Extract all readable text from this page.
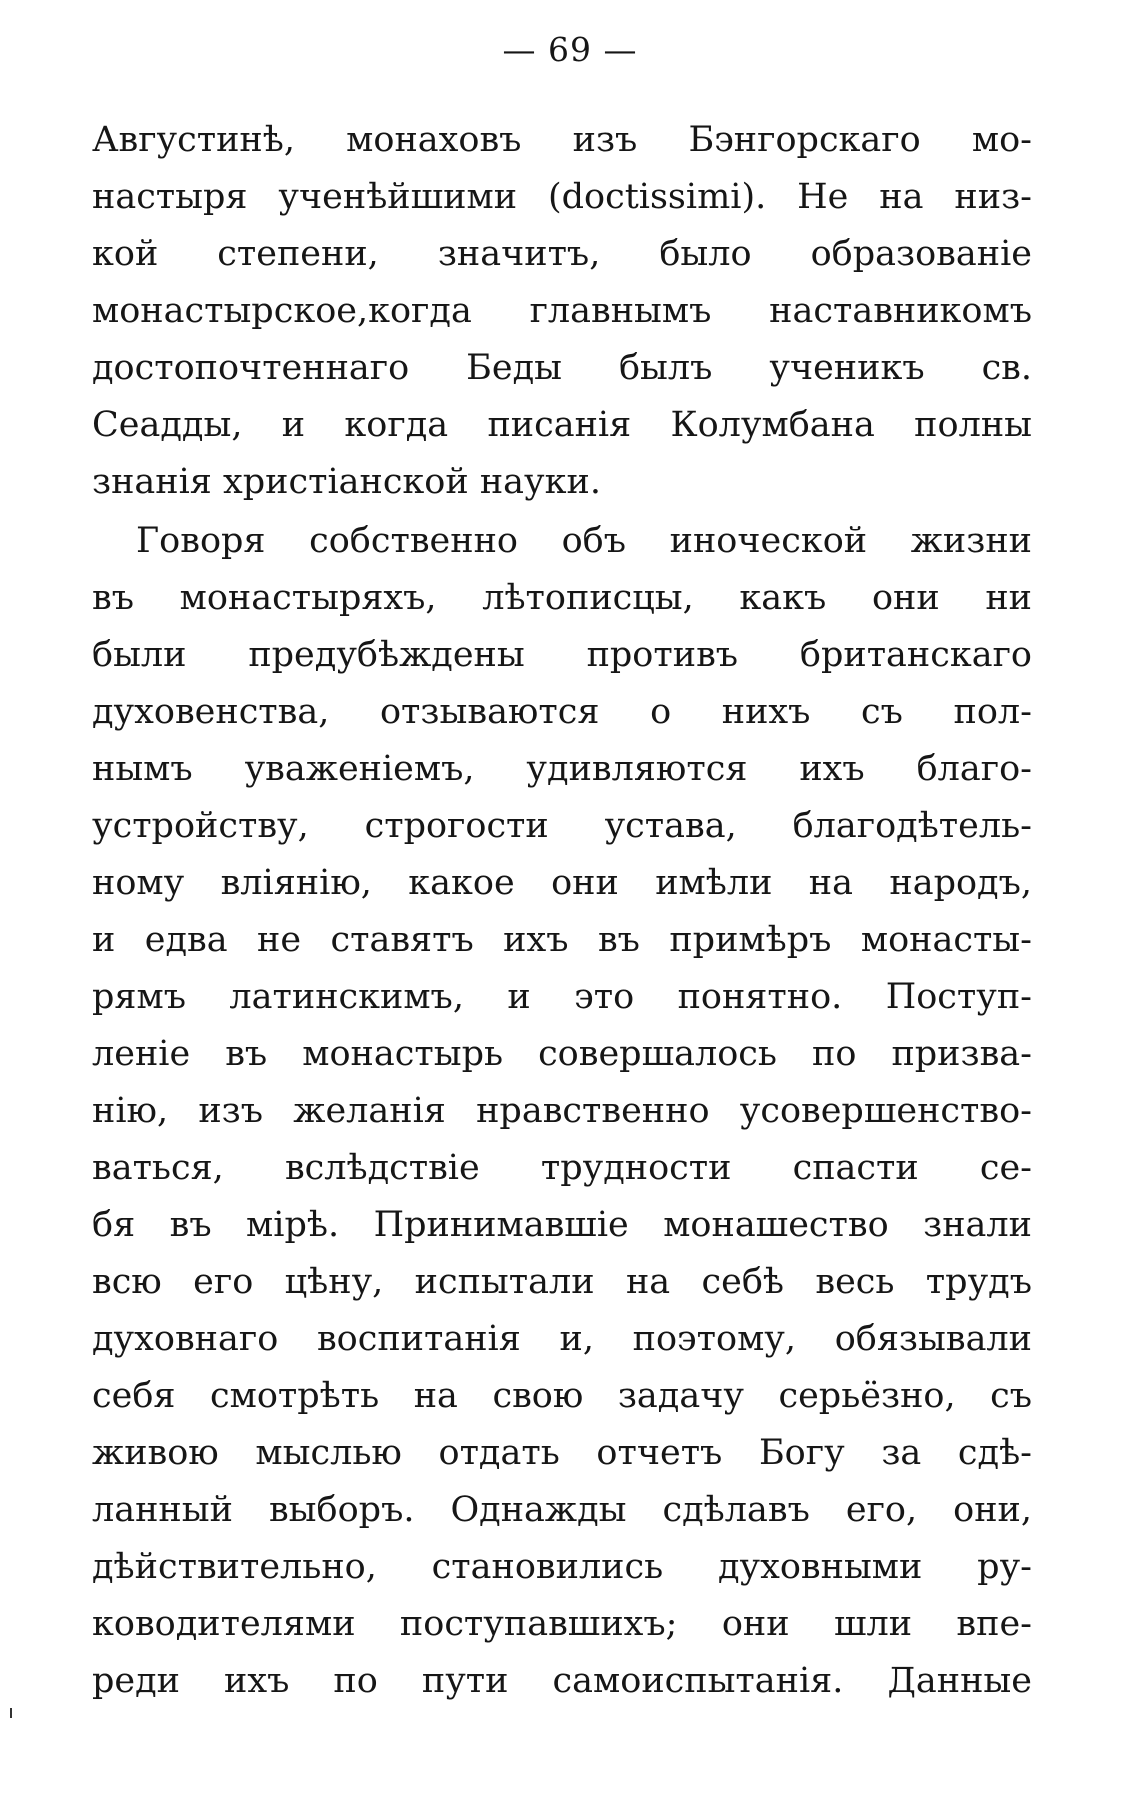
— 69 —

Августинѣ, монаховъ изъ Бэнгорскаго мо-
настыря ученѣйшими (doctissimi). Не на низ-
кой степени, значитъ, было образованіе
монастырское,когда главнымъ наставникомъ
достопочтеннаго Беды былъ ученикъ св.
Сеадды, и когда писанія Колумбана полны
знанія христіанской науки.

Говоря собственно объ иноческой жизни
въ монастыряхъ, лѣтописцы, какъ они ни
были предубѣждены противъ британскаго
духовенства, отзываются о нихъ съ пол-
нымъ уваженіемъ, удивляются ихъ благо-
устройству, строгости устава, благодѣтель-
ному вліянію, какое они имѣли на народъ,
и едва не ставятъ ихъ въ примѣръ монасты-
рямъ латинскимъ, и это понятно. Поступ-
леніе въ монастырь совершалось по призва-
нію, изъ желанія нравственно усовершенство-
ваться, вслѣдствіе трудности спасти се-
бя въ мірѣ. Принимавшіе монашество знали
всю его цѣну, испытали на себѣ весь трудъ
духовнаго воспитанія и, поэтому, обязывали
себя смотрѣть на свою задачу серьёзно, съ
живою мыслью отдать отчетъ Богу за сдѣ-
ланный выборъ. Однажды сдѣлавъ его, они,
дѣйствительно, становились духовными ру-
ководителями поступавшихъ; они шли впе-
реди ихъ по пути самоиспытанія. Данные
